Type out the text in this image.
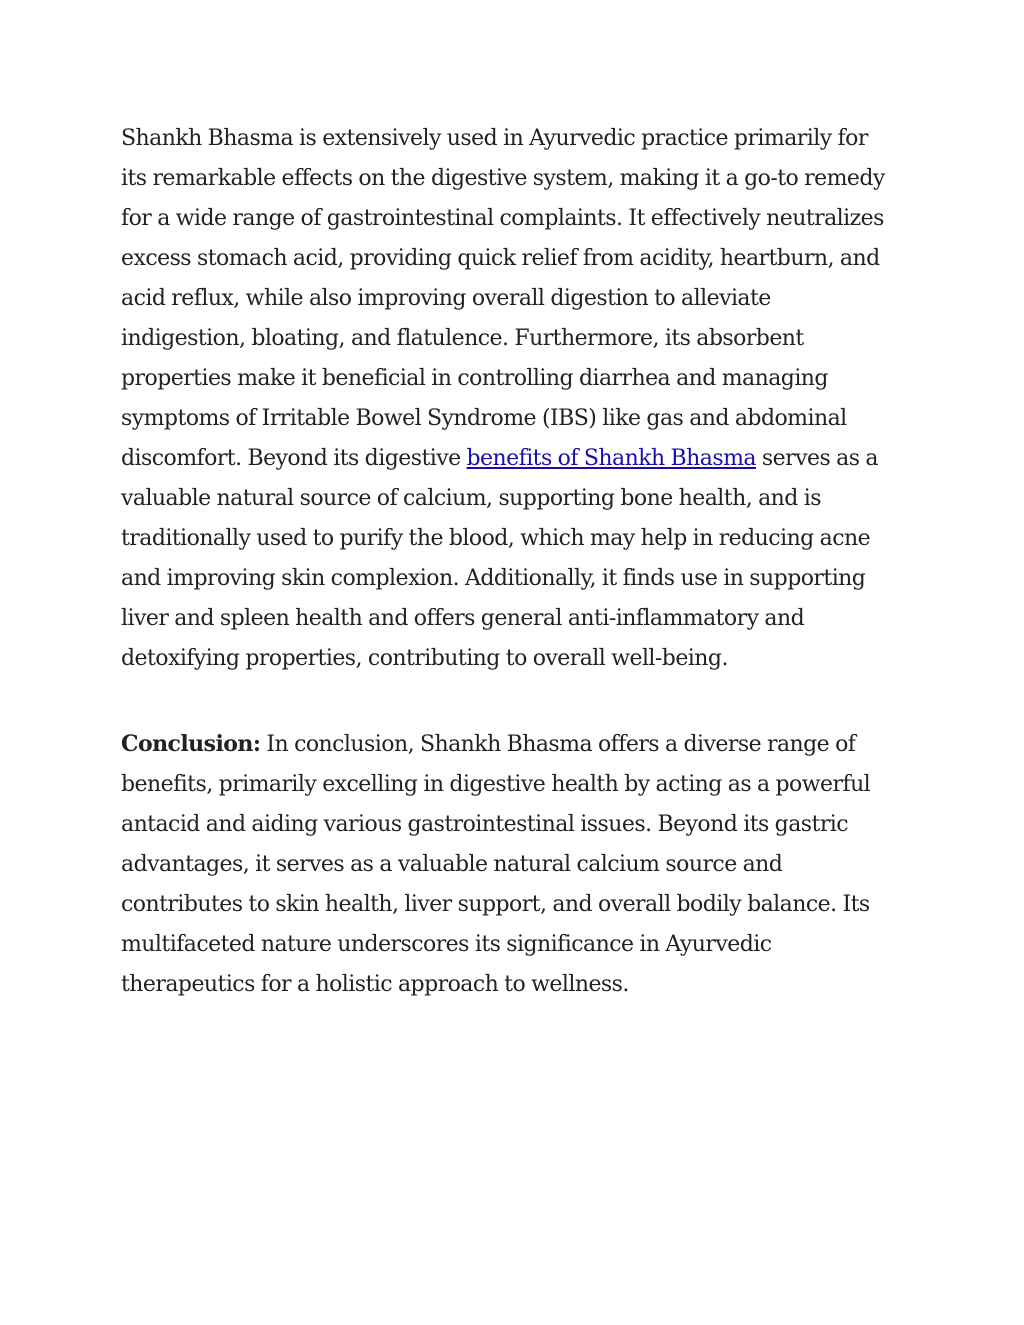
Shankh Bhasma is extensively used in Ayurvedic practice primarily for its remarkable effects on the digestive system, making it a go-to remedy for a wide range of gastrointestinal complaints. It effectively neutralizes excess stomach acid, providing quick relief from acidity, heartburn, and acid reflux, while also improving overall digestion to alleviate indigestion, bloating, and flatulence. Furthermore, its absorbent properties make it beneficial in controlling diarrhea and managing symptoms of Irritable Bowel Syndrome (IBS) like gas and abdominal discomfort. Beyond its digestive benefits of Shankh Bhasma serves as a valuable natural source of calcium, supporting bone health, and is traditionally used to purify the blood, which may help in reducing acne and improving skin complexion. Additionally, it finds use in supporting liver and spleen health and offers general anti-inflammatory and detoxifying properties, contributing to overall well-being.

Conclusion: In conclusion, Shankh Bhasma offers a diverse range of benefits, primarily excelling in digestive health by acting as a powerful antacid and aiding various gastrointestinal issues. Beyond its gastric advantages, it serves as a valuable natural calcium source and contributes to skin health, liver support, and overall bodily balance. Its multifaceted nature underscores its significance in Ayurvedic therapeutics for a holistic approach to wellness.
